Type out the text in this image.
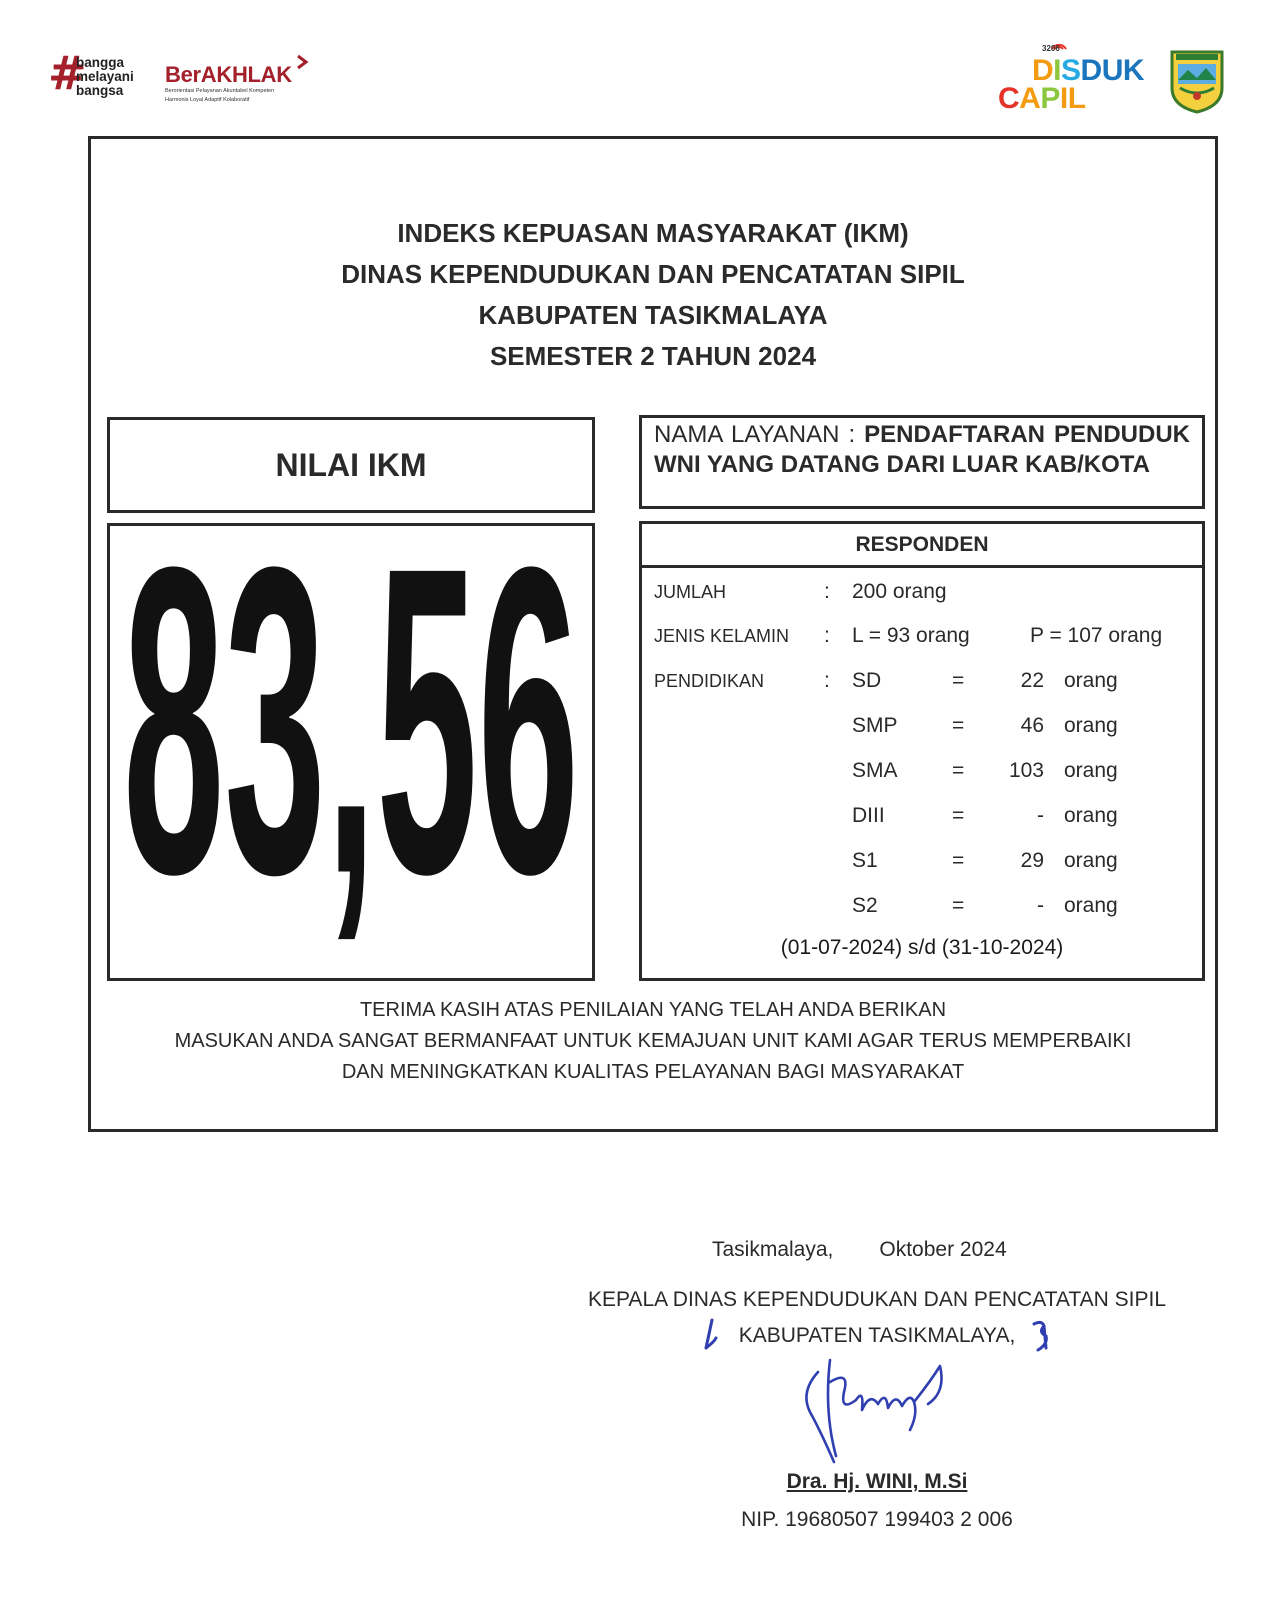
#
bangga
melayani
bangsa
BerAKHLAK
Berorientasi Pelayanan Akuntabel Kompeten
Harmonis Loyal Adaptif Kolaboratif
3206
DISDUK
CAPIL
INDEKS KEPUASAN MASYARAKAT (IKM)
DINAS KEPENDUDUKAN DAN PENCATATAN SIPIL
KABUPATEN TASIKMALAYA
SEMESTER 2 TAHUN 2024
NILAI IKM
83,56
NAMA LAYANAN : PENDAFTARAN PENDUDUK WNI YANG DATANG DARI LUAR KAB/KOTA
RESPONDEN
JUMLAH	: 200 orang
JENIS KELAMIN : L = 93 orang	P = 107 orang
PENDIDIKAN	: SD	=	22 orang
SMP	=	46 orang
SMA	=	103 orang
DIII	=	- orang
S1	=	29 orang
S2	=	- orang
(01-07-2024) s/d (31-10-2024)
TERIMA KASIH ATAS PENILAIAN YANG TELAH ANDA BERIKAN
MASUKAN ANDA SANGAT BERMANFAAT UNTUK KEMAJUAN UNIT KAMI AGAR TERUS MEMPERBAIKI
DAN MENINGKATKAN KUALITAS PELAYANAN BAGI MASYARAKAT
Tasikmalaya, Oktober 2024
KEPALA DINAS KEPENDUDUKAN DAN PENCATATAN SIPIL
KABUPATEN TASIKMALAYA,
Dra. Hj. WINI, M.Si
NIP. 19680507 199403 2 006
